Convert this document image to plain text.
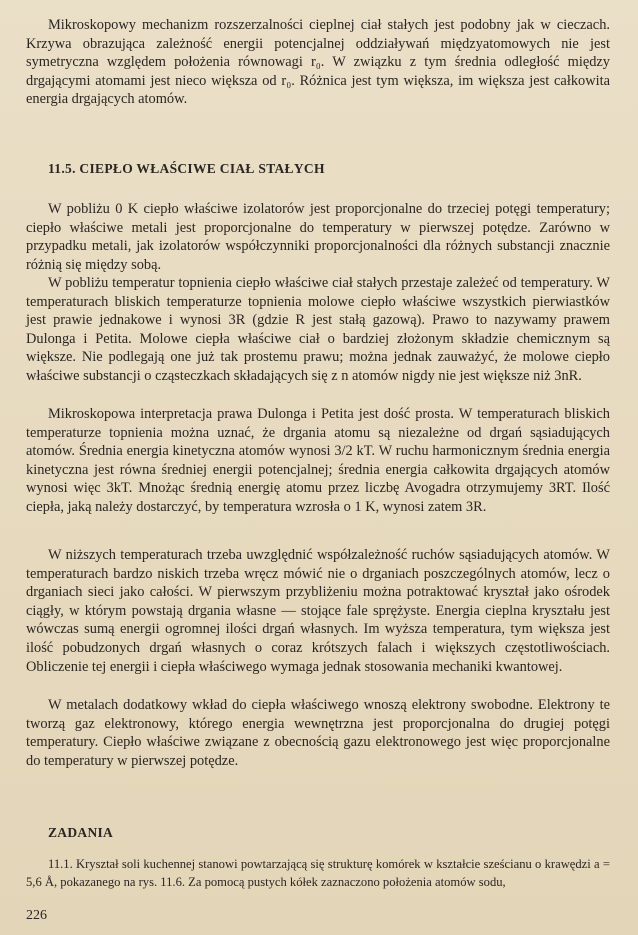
Mikroskopowy mechanizm rozszerzalności cieplnej ciał stałych jest podobny jak w cieczach. Krzywa obrazująca zależność energii potencjalnej oddziaływań międzyatomowych nie jest symetryczna względem położenia równowagi r₀. W związku z tym średnia odległość między drgającymi atomami jest nieco większa od r₀. Różnica jest tym większa, im większa jest całkowita energia drgających atomów.
11.5. CIEPŁO WŁAŚCIWE CIAŁ STAŁYCH
W pobliżu 0 K ciepło właściwe izolatorów jest proporcjonalne do trzeciej potęgi temperatury; ciepło właściwe metali jest proporcjonalne do temperatury w pierwszej potędze. Zarówno w przypadku metali, jak izolatorów współczynniki proporcjonalności dla różnych substancji znacznie różnią się między sobą.
W pobliżu temperatur topnienia ciepło właściwe ciał stałych przestaje zależeć od temperatury. W temperaturach bliskich temperaturze topnienia molowe ciepło właściwe wszystkich pierwiastków jest prawie jednakowe i wynosi 3R (gdzie R jest stałą gazową). Prawo to nazywamy prawem Dulonga i Petita. Molowe ciepła właściwe ciał o bardziej złożonym składzie chemicznym są większe. Nie podlegają one już tak prostemu prawu; można jednak zauważyć, że molowe ciepło właściwe substancji o cząsteczkach składających się z n atomów nigdy nie jest większe niż 3nR.
Mikroskopowa interpretacja prawa Dulonga i Petita jest dość prosta. W temperaturach bliskich temperaturze topnienia można uznać, że drgania atomu są niezależne od drgań sąsiadujących atomów. Średnia energia kinetyczna atomów wynosi 3/2 kT. W ruchu harmonicznym średnia energia kinetyczna jest równa średniej energii potencjalnej; średnia energia całkowita drgających atomów wynosi więc 3kT. Mnożąc średnią energię atomu przez liczbę Avogadra otrzymujemy 3RT. Ilość ciepła, jaką należy dostarczyć, by temperatura wzrosła o 1 K, wynosi zatem 3R.
W niższych temperaturach trzeba uwzględnić współzależność ruchów sąsiadujących atomów. W temperaturach bardzo niskich trzeba wręcz mówić nie o drganiach poszczególnych atomów, lecz o drganiach sieci jako całości. W pierwszym przybliżeniu można potraktować kryształ jako ośrodek ciągły, w którym powstają drgania własne — stojące fale sprężyste. Energia cieplna kryształu jest wówczas sumą energii ogromnej ilości drgań własnych. Im wyższa temperatura, tym większa jest ilość pobudzonych drgań własnych o coraz krótszych falach i większych częstotliwościach. Obliczenie tej energii i ciepła właściwego wymaga jednak stosowania mechaniki kwantowej.
W metalach dodatkowy wkład do ciepła właściwego wnoszą elektrony swobodne. Elektrony te tworzą gaz elektronowy, którego energia wewnętrzna jest proporcjonalna do drugiej potęgi temperatury. Ciepło właściwe związane z obecnością gazu elektronowego jest więc proporcjonalne do temperatury w pierwszej potędze.
ZADANIA
11.1. Kryształ soli kuchennej stanowi powtarzającą się strukturę komórek w kształcie sześcianu o krawędzi a = 5,6 Å, pokazanego na rys. 11.6. Za pomocą pustych kółek zaznaczono położenia atomów sodu,
226
